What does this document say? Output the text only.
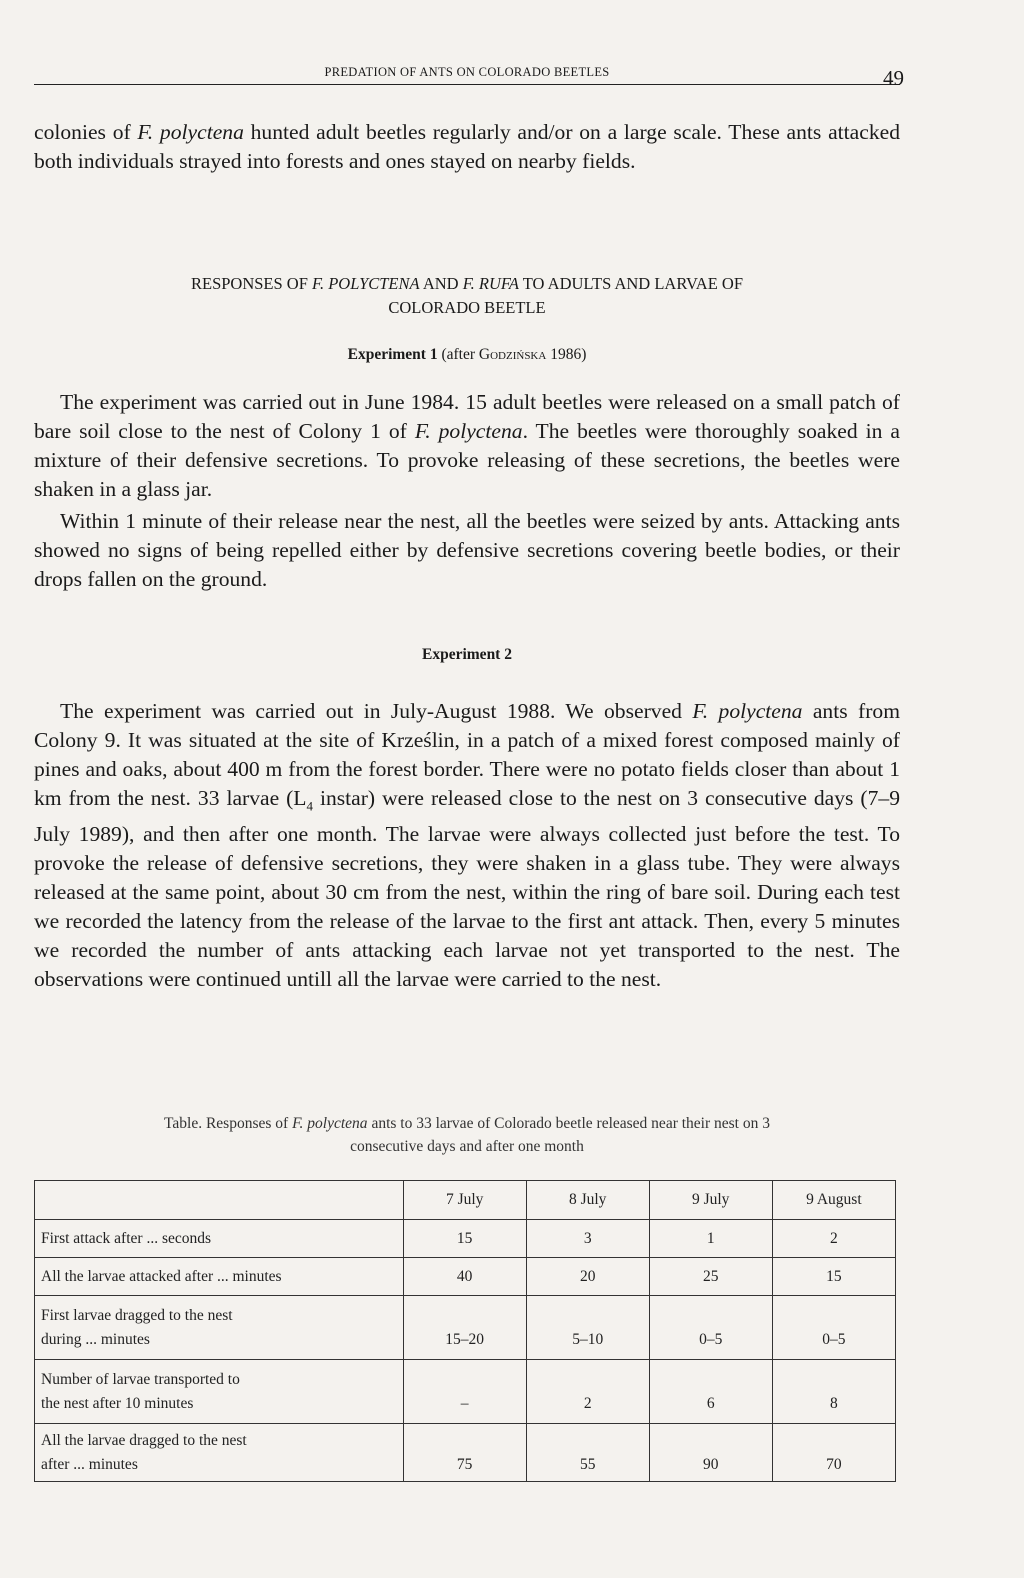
PREDATION OF ANTS ON COLORADO BEETLES	49

colonies of F. polyctena hunted adult beetles regularly and/or on a large scale. These ants attacked both individuals strayed into forests and ones stayed on nearby fields.

RESPONSES OF F. POLYCTENA AND F. RUFA TO ADULTS AND LARVAE OF
COLORADO BEETLE
Experiment 1 (after Godzińska 1986)

The experiment was carried out in June 1984. 15 adult beetles were released on a small patch of bare soil close to the nest of Colony 1 of F. polyctena. The beetles were thoroughly soaked in a mixture of their defensive secretions. To provoke releasing of these secretions, the beetles were shaken in a glass jar.

Within 1 minute of their release near the nest, all the beetles were seized by ants. Attacking ants showed no signs of being repelled either by defensive secretions covering beetle bodies, or their drops fallen on the ground.

Experiment 2

The experiment was carried out in July-August 1988. We observed F. polyctena ants from Colony 9. It was situated at the site of Krześlin, in a patch of a mixed forest composed mainly of pines and oaks, about 400 m from the forest border. There were no potato fields closer than about 1 km from the nest. 33 larvae ($L_4$ instar) were released close to the nest on 3 consecutive days (7–9 July 1989), and then after one month. The larvae were always collected just before the test. To provoke the release of defensive secretions, they were shaken in a glass tube. They were always released at the same point, about 30 cm from the nest, within the ring of bare soil. During each test we recorded the latency from the release of the larvae to the first ant attack. Then, every 5 minutes we recorded the number of ants attacking each larvae not yet transported to the nest. The observations were continued untill all the larvae were carried to the nest.

Table. Responses of F. polyctena ants to 33 larvae of Colorado beetle released near their nest on 3
consecutive days and after one month
	7 July	8 July	9 July	9 August
First attack after ... seconds	15	3	1	2
All the larvae attacked after ... minutes	40	20	25	15
First larvae dragged to the nest
during ... minutes	15–20	5–10	0–5	0–5
Number of larvae transported to
the nest after 10 minutes	–	2	6	8
All the larvae dragged to the nest
after ... minutes	75	55	90	70
